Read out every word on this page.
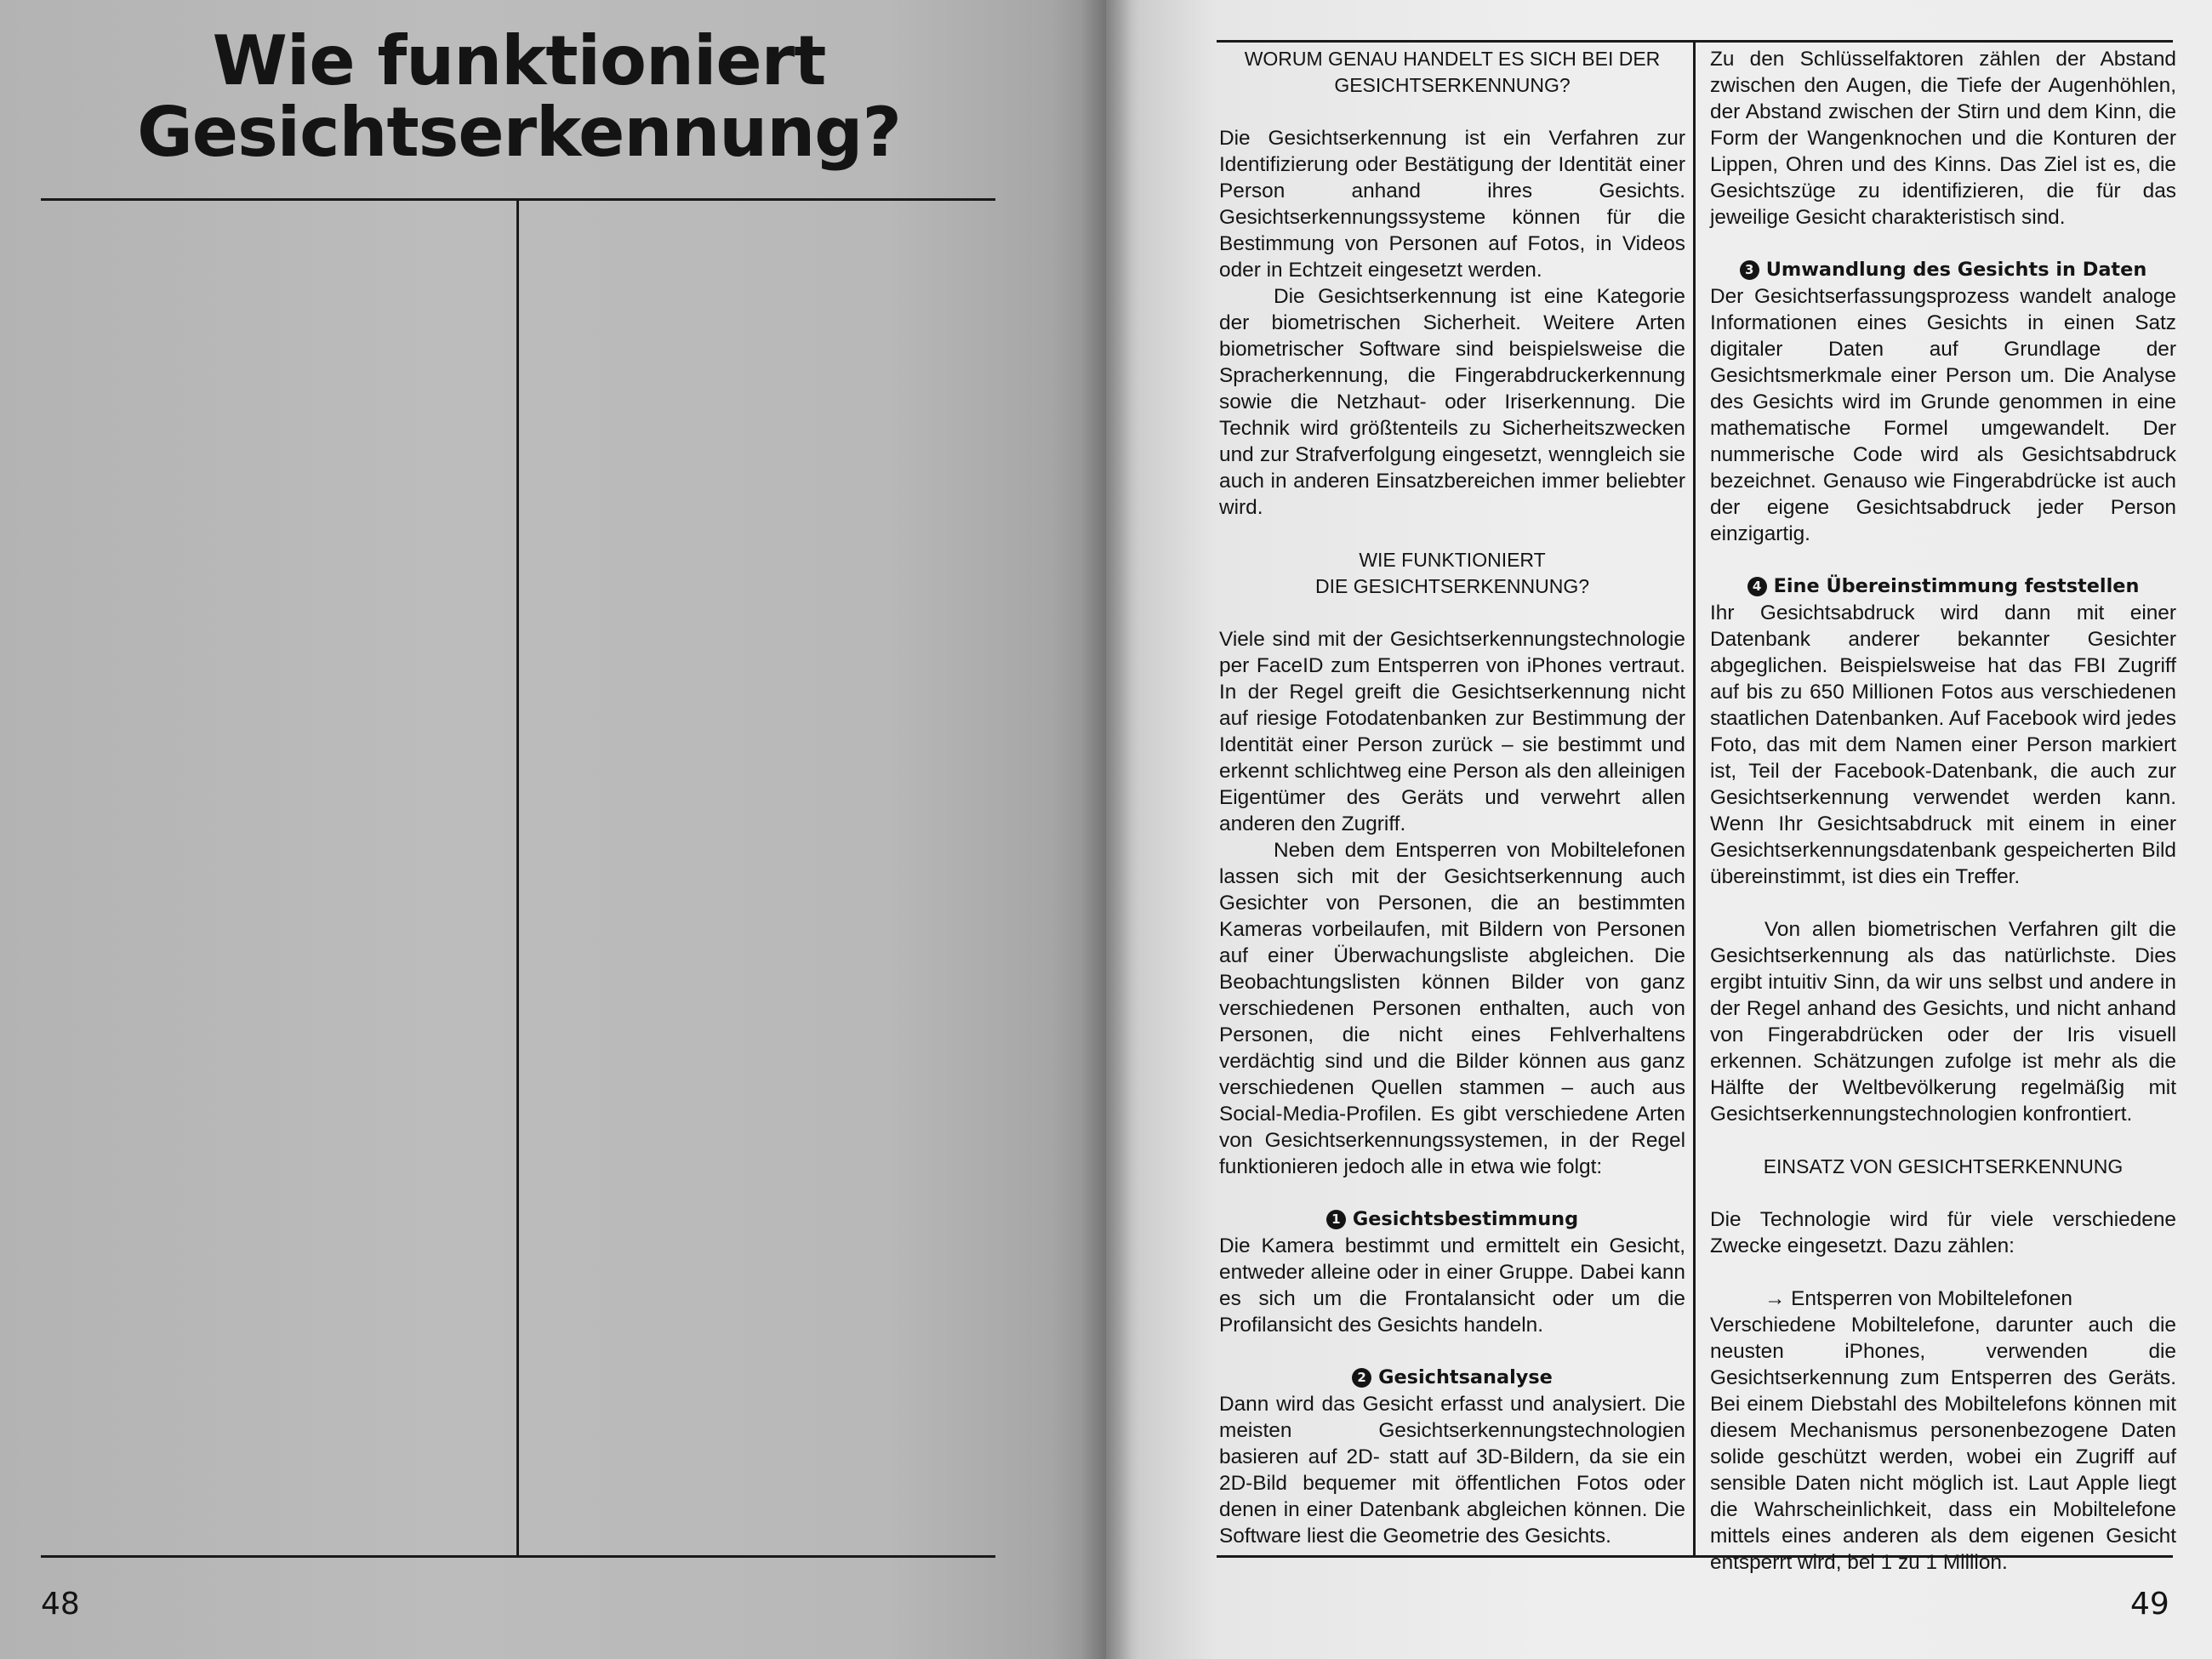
Wie funktioniert
Gesichtserkennung?
48
WORUM GENAU HANDELT ES SICH BEI DER
GESICHTSERKENNUNG?

Die Gesichtserkennung ist ein Verfahren zur Identifizierung oder Bestätigung der Identität einer Person anhand ihres Gesichts. Gesichtserkennungssysteme können für die Bestimmung von Personen auf Fotos, in Videos oder in Echtzeit eingesetzt werden.

Die Gesichtserkennung ist eine Kategorie der biometrischen Sicherheit. Weitere Arten biometrischer Software sind beispielsweise die Spracherkennung, die Fingerabdruckerkennung sowie die Netzhaut- oder Iriserkennung. Die Technik wird größtenteils zu Sicherheitszwecken und zur Strafverfolgung eingesetzt, wenngleich sie auch in anderen Einsatzbereichen immer beliebter wird.

WIE FUNKTIONIERT
DIE GESICHTSERKENNUNG?

Viele sind mit der Gesichtserkennungstechnologie per FaceID zum Entsperren von iPhones vertraut. In der Regel greift die Gesichtserkennung nicht auf riesige Fotodatenbanken zur Bestimmung der Identität einer Person zurück – sie bestimmt und erkennt schlichtweg eine Person als den alleinigen Eigentümer des Geräts und verwehrt allen anderen den Zugriff.

Neben dem Entsperren von Mobiltelefonen lassen sich mit der Gesichtserkennung auch Gesichter von Personen, die an bestimmten Kameras vorbeilaufen, mit Bildern von Personen auf einer Überwachungsliste abgleichen. Die Beobachtungslisten können Bilder von ganz verschiedenen Personen enthalten, auch von Personen, die nicht eines Fehlverhaltens verdächtig sind und die Bilder können aus ganz verschiedenen Quellen stammen – auch aus Social-Media-Profilen. Es gibt verschiedene Arten von Gesichtserkennungssystemen, in der Regel funktionieren jedoch alle in etwa wie folgt:

1 Gesichtsbestimmung

Die Kamera bestimmt und ermittelt ein Gesicht, entweder alleine oder in einer Gruppe. Dabei kann es sich um die Frontalansicht oder um die Profilansicht des Gesichts handeln.

2 Gesichtsanalyse

Dann wird das Gesicht erfasst und analysiert. Die meisten Gesichtserkennungstechnologien basieren auf 2D- statt auf 3D-Bildern, da sie ein 2D-Bild bequemer mit öffentlichen Fotos oder denen in einer Datenbank abgleichen können. Die Software liest die Geometrie des Gesichts.

Zu den Schlüsselfaktoren zählen der Abstand zwischen den Augen, die Tiefe der Augenhöhlen, der Abstand zwischen der Stirn und dem Kinn, die Form der Wangenknochen und die Konturen der Lippen, Ohren und des Kinns. Das Ziel ist es, die Gesichtszüge zu identifizieren, die für das jeweilige Gesicht charakteristisch sind.

3 Umwandlung des Gesichts in Daten

Der Gesichtserfassungsprozess wandelt analoge Informationen eines Gesichts in einen Satz digitaler Daten auf Grundlage der Gesichtsmerkmale einer Person um. Die Analyse des Gesichts wird im Grunde genommen in eine mathematische Formel umgewandelt. Der nummerische Code wird als Gesichtsabdruck bezeichnet. Genauso wie Fingerabdrücke ist auch der eigene Gesichtsabdruck jeder Person einzigartig.

4 Eine Übereinstimmung feststellen

Ihr Gesichtsabdruck wird dann mit einer Datenbank anderer bekannter Gesichter abgeglichen. Beispielsweise hat das FBI Zugriff auf bis zu 650 Millionen Fotos aus verschiedenen staatlichen Datenbanken. Auf Facebook wird jedes Foto, das mit dem Namen einer Person markiert ist, Teil der Facebook-Datenbank, die auch zur Gesichtserkennung verwendet werden kann. Wenn Ihr Gesichtsabdruck mit einem in einer Gesichtserkennungsdatenbank gespeicherten Bild übereinstimmt, ist dies ein Treffer.

Von allen biometrischen Verfahren gilt die Gesichtserkennung als das natürlichste. Dies ergibt intuitiv Sinn, da wir uns selbst und andere in der Regel anhand des Gesichts, und nicht anhand von Fingerabdrücken oder der Iris visuell erkennen. Schätzungen zufolge ist mehr als die Hälfte der Weltbevölkerung regelmäßig mit Gesichtserkennungstechnologien konfrontiert.

EINSATZ VON GESICHTSERKENNUNG

Die Technologie wird für viele verschiedene Zwecke eingesetzt. Dazu zählen:

→ Entsperren von Mobiltelefonen

Verschiedene Mobiltelefone, darunter auch die neusten iPhones, verwenden die Gesichtserkennung zum Entsperren des Geräts. Bei einem Diebstahl des Mobiltelefons können mit diesem Mechanismus personenbezogene Daten solide geschützt werden, wobei ein Zugriff auf sensible Daten nicht möglich ist. Laut Apple liegt die Wahrscheinlichkeit, dass ein Mobiltelefone mittels eines anderen als dem eigenen Gesicht entsperrt wird, bei 1 zu 1 Million.

49
